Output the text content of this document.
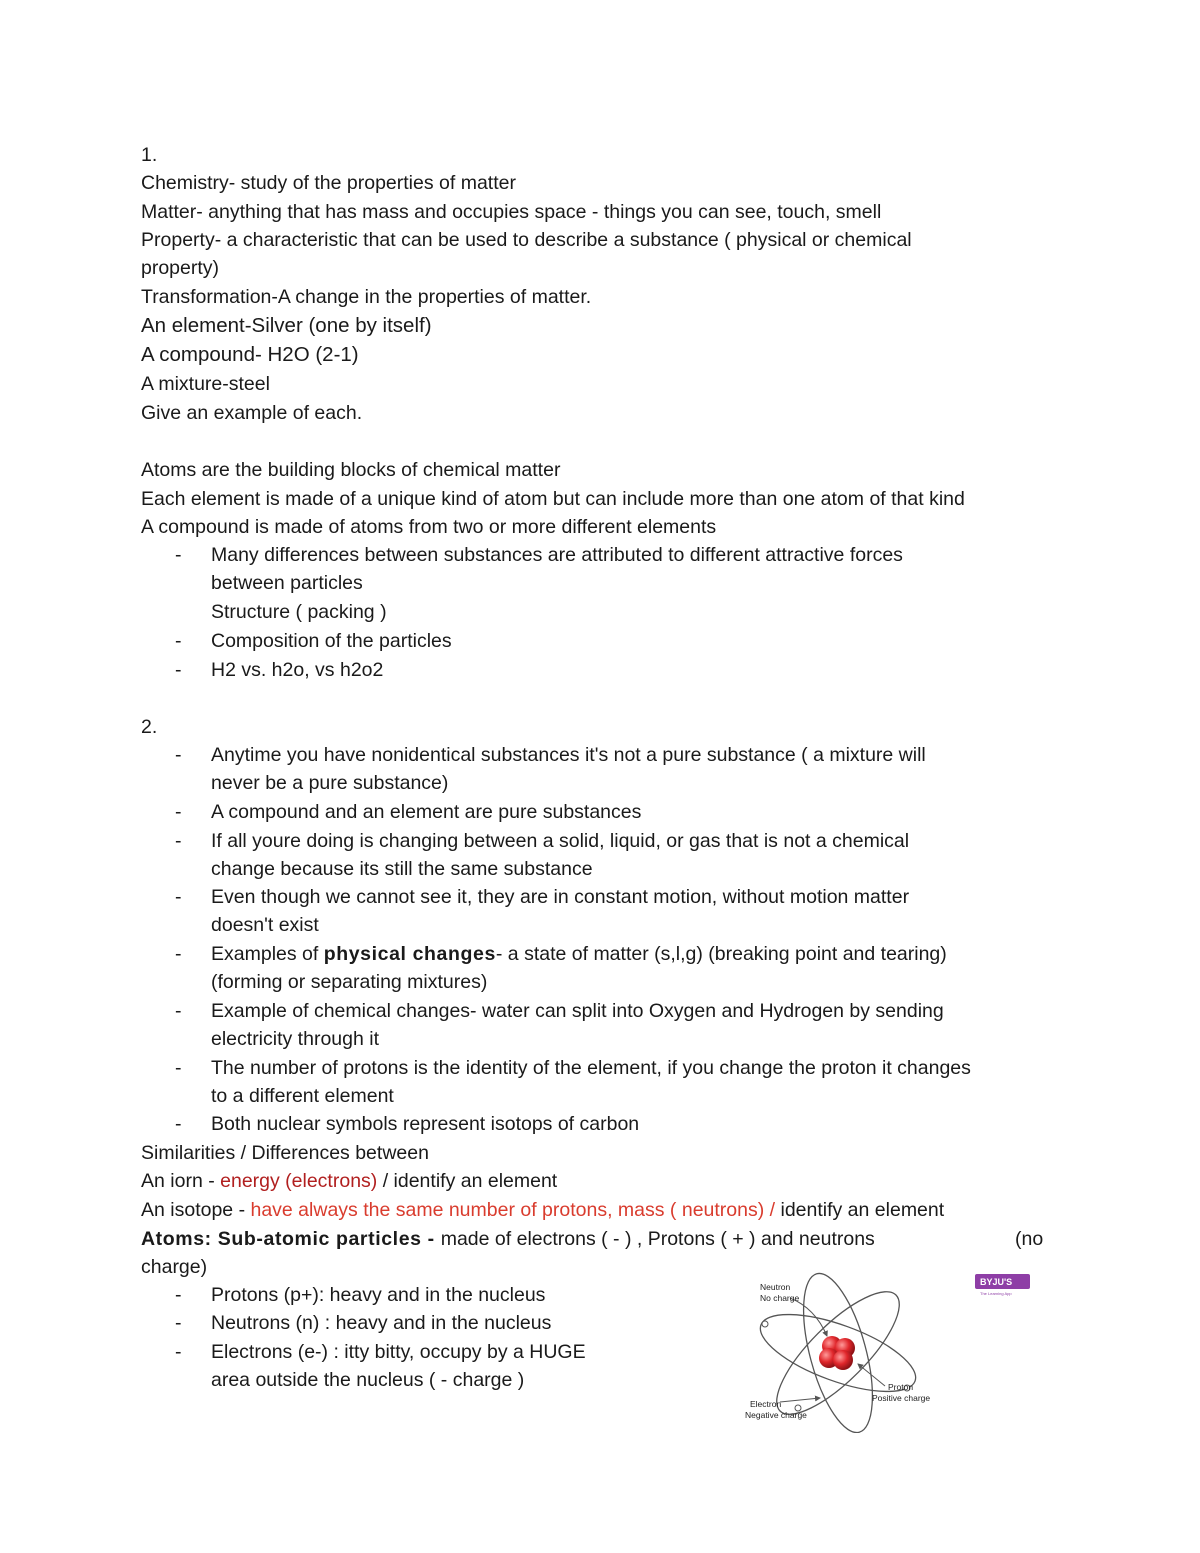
1.
Chemistry- study of the properties of matter
Matter- anything that has mass and occupies space - things you can see, touch, smell
Property- a characteristic that can be used to describe a substance ( physical or chemical
property)
Transformation-A change in the properties of matter.
An element-Silver (one by itself)
A compound- H2O (2-1)
A mixture-steel
Give an example of each.
Atoms are the building blocks of chemical matter
Each element is made of a unique kind of atom but can include more than one atom of that kind
A compound is made of atoms from two or more different elements
- Many differences between substances are attributed to different attractive forces
between particles
Structure ( packing )
- Composition of the particles
- H2 vs. h2o, vs h2o2
2.
- Anytime you have nonidentical substances it's not a pure substance ( a mixture will
never be a pure substance)
- A compound and an element are pure substances
- If all youre doing is changing between a solid, liquid, or gas that is not a chemical
change because its still the same substance
- Even though we cannot see it, they are in constant motion, without motion matter
doesn't exist
- Examples of physical changes- a state of matter (s,l,g) (breaking point and tearing)
(forming or separating mixtures)
- Example of chemical changes- water can split into Oxygen and Hydrogen by sending
electricity through it
- The number of protons is the identity of the element, if you change the proton it changes
to a different element
- Both nuclear symbols represent isotops of carbon
Similarities / Differences between
An iorn - energy (electrons) / identify an element
An isotope - have always the same number of protons, mass ( neutrons) / identify an element
Atoms: Sub-atomic particles - made of electrons ( - ) , Protons ( + ) and neutrons	(no
charge)
- Protons (p+): heavy and in the nucleus
- Neutrons (n) : heavy and in the nucleus
- Electrons (e-) : itty bitty, occupy by a HUGE
area outside the nucleus ( - charge )
Neutron
No charge
Proton
Positive charge
Electron
Negative charge
BYJU'S
The Learning App
